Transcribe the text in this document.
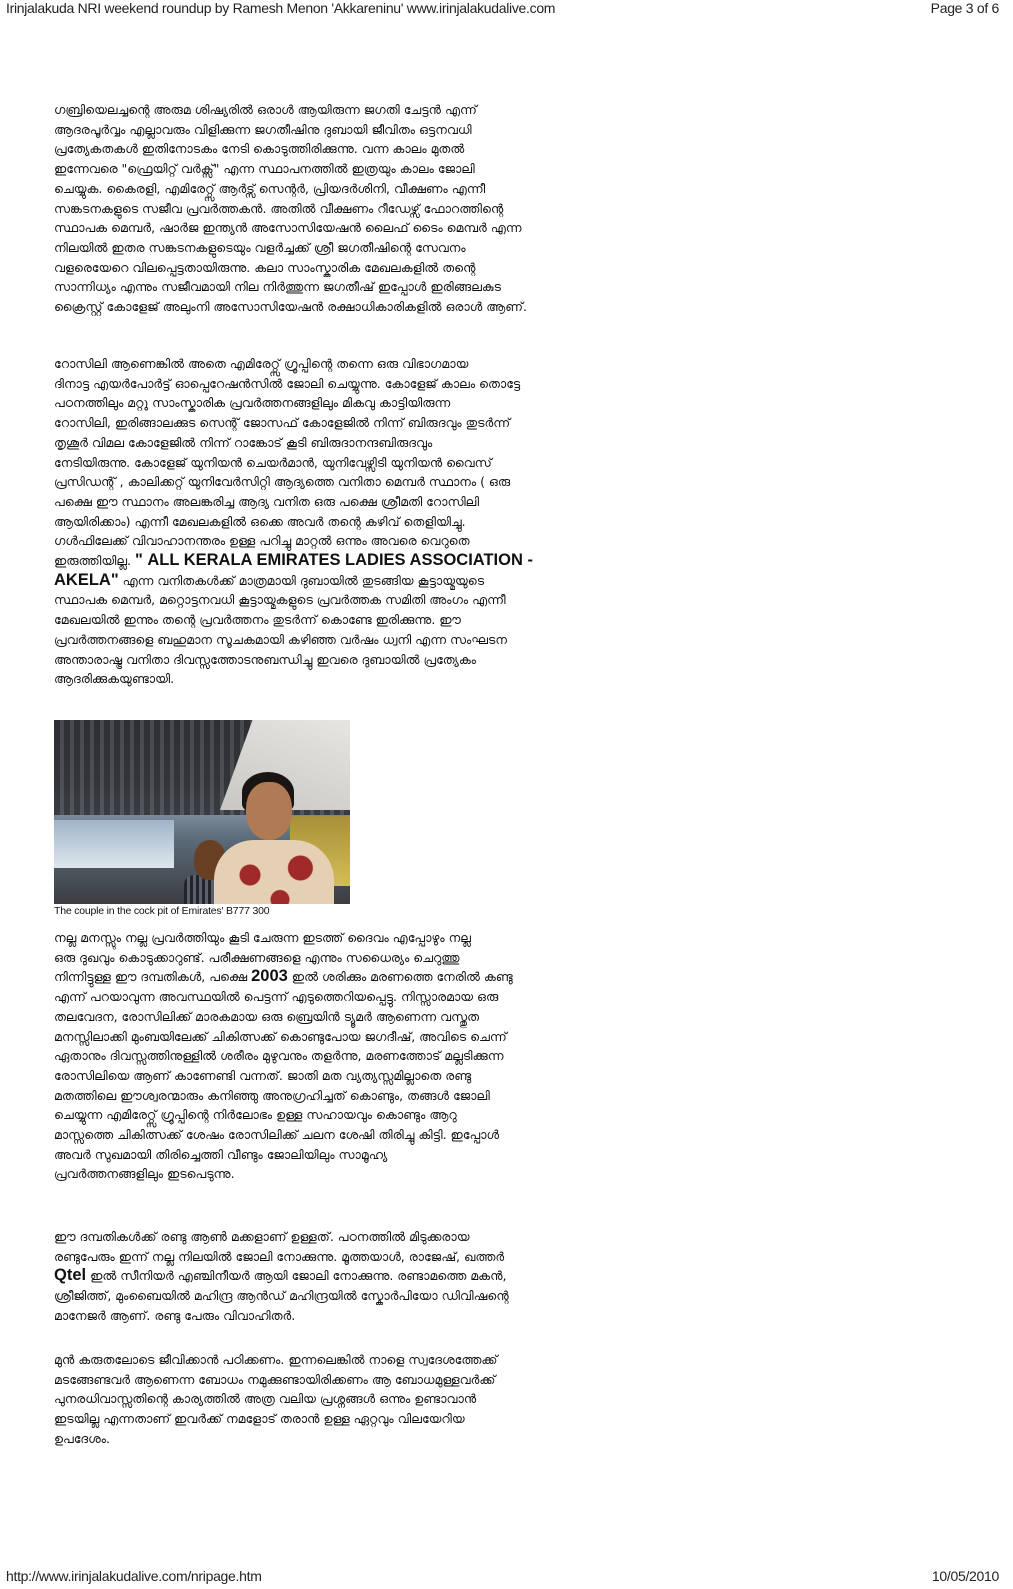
Irinjalakuda NRI weekend roundup by Ramesh Menon 'Akkareninu' www.irinjalakudalive.com	Page 3 of 6

ഗബ്രിയെലച്ചന്റെ അരുമ ശിഷ്യരിൽ ഒരാൾ ആയിരുന്ന ജഗതി ചേട്ടൻ എന്ന്
ആദരപൂർവ്വം എല്ലാവരും വിളിക്കുന്ന ജഗതീഷിനു ദുബായി ജീവിതം ഒട്ടനവധി
പ്രത്യേകതകൾ ഇതിനോടകം നേടി കൊടുത്തിരിക്കുന്നു. വന്ന കാലം മുതൽ
ഇന്നേവരെ "ഫ്രെയിറ്റ് വർക്സ്" എന്ന സ്ഥാപനത്തിൽ ഇത്രയും കാലം ജോലി
ചെയ്യുക. കൈരളി, എമിരേറ്റ്സ് ആർട്സ് സെന്റർ, പ്രിയദർശിനി, വീക്ഷണം എന്നീ
സങ്കടനകളുടെ സജീവ പ്രവർത്തകൻ. അതിൽ വീക്ഷണം റീഡേഴ്സ് ഫോറത്തിന്റെ
സ്ഥാപക മെമ്പർ, ഷാർജ ഇന്ത്യൻ അസോസിയേഷൻ ലൈഫ് ടൈം മെമ്പർ എന്ന
നിലയിൽ ഇതര സങ്കടനകളുടെയും വളർച്ചക്ക് ശ്രീ ജഗതീഷിന്റെ സേവനം
വളരെയേറെ വിലപ്പെട്ടതായിരുന്നു. കലാ സാംസ്കാരിക മേഖലകളിൽ തന്റെ
സാന്നിധ്യം എന്നും സജീവമായി നില നിർത്തുന്ന ജഗതീഷ് ഇപ്പോൾ ഇരിങ്ങലകുട
ക്രൈസ്റ്റ് കോളേജ് അലുംനി അസോസിയേഷൻ രക്ഷാധികാരികളിൽ ഒരാൾ ആണ്.

റോസിലി ആണെങ്കിൽ അതെ എമിരേറ്റ്സ് ഗ്രൂപ്പിന്റെ തന്നെ ഒരു വിഭാഗമായ
ദിനാട്ട എയർപോർട്ട് ഓപ്പെറേഷൻസിൽ ജോലി ചെയ്യുന്നു. കോളേജ് കാലം തൊട്ടേ
പഠനത്തിലും മറ്റു സാംസ്കാരിക പ്രവർത്തനങ്ങളിലും മികവു കാട്ടിയിരുന്ന
റോസിലി, ഇരിങ്ങാലക്കുട സെന്റ് ജോസഫ് കോളേജിൽ നിന്ന് ബിരുദവും തുടർന്ന്
തൃശൂർ വിമല കോളേജിൽ നിന്ന് റാങ്കോട് കൂടി ബിരുദാനന്ദബിരുദവും
നേടിയിരുന്നു. കോളേജ് യുനിയൻ ചെയർമാൻ, യുനിവേഴ്സിടി യുനിയൻ വൈസ്
പ്രസിഡന്റ് , കാലിക്കറ്റ് യുനിവേർസിറ്റി ആദ്യത്തെ വനിതാ മെമ്പർ സ്ഥാനം ( ഒരു
പക്ഷെ ഈ സ്ഥാനം അലങ്കരിച്ച ആദ്യ വനിത ഒരു പക്ഷെ ശ്രീമതി റോസിലി
ആയിരിക്കാം) എന്നീ മേഖലകളിൽ ഒക്കെ അവർ തന്റെ കഴിവ് തെളിയിച്ചു.
ഗൾഫിലേക്ക് വിവാഹാനന്തരം ഉള്ള പറിച്ചു മാറ്റൽ ഒന്നും അവരെ വെറുതെ
ഇരുത്തിയില്ല. " ALL KERALA EMIRATES LADIES ASSOCIATION -
AKELA" എന്ന വനിതകൾക്ക് മാത്രമായി ദുബായിൽ തുടങ്ങിയ കൂട്ടായ്മയുടെ
സ്ഥാപക മെമ്പർ, മറ്റൊട്ടനവധി കൂട്ടായ്മകളുടെ പ്രവർത്തക സമിതി അംഗം എന്നീ
മേഖലയിൽ ഇന്നും തന്റെ പ്രവർത്തനം തുടർന്ന് കൊണ്ടേ ഇരിക്കുന്നു. ഈ
പ്രവർത്തനങ്ങളെ ബഹുമാന സൂചകമായി കഴിഞ്ഞ വർഷം ധ്വനി എന്ന സംഘടന
അന്താരാഷ്ട്ര വനിതാ ദിവസ്സത്തോടനുബന്ധിച്ചു ഇവരെ ദുബായിൽ പ്രത്യേകം
ആദരിക്കുകയുണ്ടായി.

നല്ല മനസ്സും നല്ല പ്രവർത്തിയും കൂടി ചേരുന്ന ഇടത്ത് ദൈവം എപ്പോഴും നല്ല
ഒരു ദുഖവും കൊടുക്കാറുണ്ട്. പരീക്ഷണങ്ങളെ എന്നും സധൈര്യം ചെറുത്തു
നിന്നിട്ടുള്ള ഈ ദമ്പതികൾ, പക്ഷെ 2003 ഇൽ ശരിക്കും മരണത്തെ നേരിൽ കണ്ടു
എന്ന് പറയാവുന്ന അവസ്ഥയിൽ പെട്ടന്ന് എടുത്തെറിയപ്പെട്ടു. നിസ്സാരമായ ഒരു
തലവേദന, രോസിലിക്ക് മാരകമായ ഒരു ബ്രെയിൻ ട്യൂമർ ആണെന്ന വസ്തുത
മനസ്സിലാക്കി മുംബയിലേക്ക് ചികിത്സക്ക് കൊണ്ടുപോയ ജഗദീഷ്, അവിടെ ചെന്ന്
ഏതാനും ദിവസ്സത്തിനുള്ളിൽ ശരീരം മുഴുവനും തളർന്നു, മരണത്തോട് മല്ലടിക്കുന്ന
രോസിലിയെ ആണ് കാണേണ്ടി വന്നത്. ജാതി മത വ്യത്യസ്സമില്ലാതെ രണ്ടു
മതത്തിലെ ഈശ്വരന്മാരും കനിഞ്ഞു അനുഗ്രഹിച്ചത് കൊണ്ടും, തങ്ങൾ ജോലി
ചെയ്യുന്ന എമിരേറ്റ്സ് ഗ്രൂപ്പിന്റെ നിർലോഭം ഉള്ള സഹായവും കൊണ്ടും ആറു
മാസ്സത്തെ ചികിത്സക്ക് ശേഷം രോസിലിക്ക് ചലന ശേഷി തിരിച്ചു കിട്ടി. ഇപ്പോൾ
അവർ സുഖമായി തിരിച്ചെത്തി വീണ്ടും ജോലിയിലും സാമൂഹ്യ
പ്രവർത്തനങ്ങളിലും ഇടപെടുന്നു.

ഈ ദമ്പതികൾക്ക് രണ്ടു ആൺ മക്കളാണ് ഉള്ളത്. പഠനത്തിൽ മിടുക്കരായ
രണ്ടുപേരും ഇന്ന് നല്ല നിലയിൽ ജോലി നോക്കുന്നു. മൂത്തയാൾ, രാജേഷ്, ഖത്തർ
Qtel ഇൽ സീനിയർ എഞ്ചിനീയർ ആയി ജോലി നോക്കുന്നു. രണ്ടാമത്തെ മകൻ,
ശ്രീജിത്ത്, മുംബൈയിൽ മഹിന്ദ്ര ആൻഡ് മഹിന്ദ്രയിൽ സ്കോർപിയോ ഡിവിഷന്റെ
മാനേജർ ആണ്. രണ്ടു പേരും വിവാഹിതർ.

മുൻ കരുതലോടെ ജീവിക്കാൻ പഠിക്കണം. ഇന്നലെങ്കിൽ നാളെ സ്വദേശത്തേക്ക്
മടങ്ങേണ്ടവർ ആണെന്ന ബോധം നമുക്കുണ്ടായിരിക്കണം ആ ബോധമുള്ളവർക്ക്
പുനരധിവാസ്സതിന്റെ കാര്യത്തിൽ അത്ര വലിയ പ്രശ്നങ്ങൾ ഒന്നും ഉണ്ടാവാൻ
ഇടയില്ല എന്നതാണ് ഇവർക്ക് നമളോട് തരാൻ ഉള്ള ഏറ്റവും വിലയേറിയ
ഉപദേശം.

The couple in the cock pit of Emirates' B777 300
http://www.irinjalakudalive.com/nripage.htm	10/05/2010
